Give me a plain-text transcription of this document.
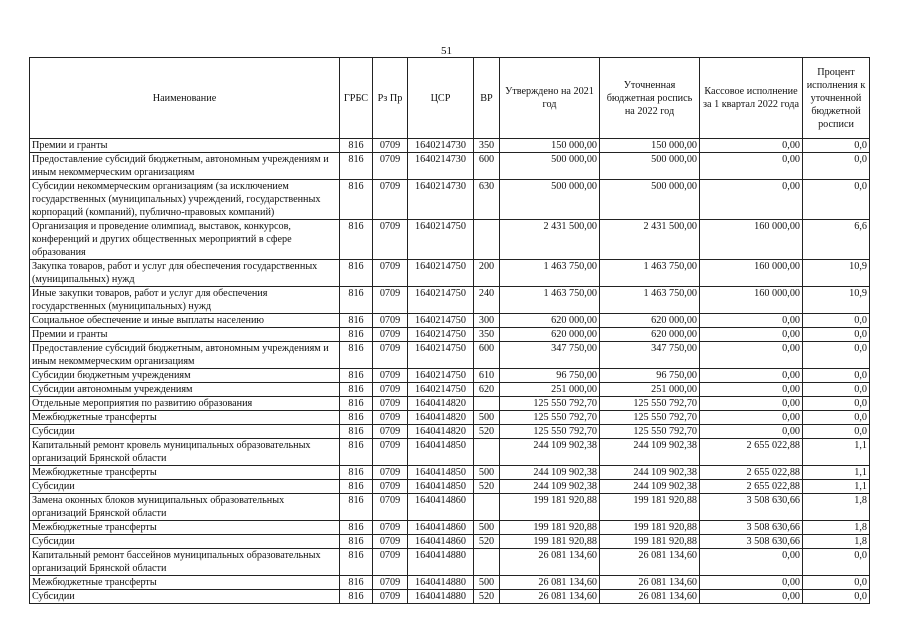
51
Наименование	ГРБС	Рз Пр	ЦСР	ВР	Утверждено на 2021 год	Уточненная бюджетная роспись на 2022 год	Кассовое исполнение за 1 квартал 2022 года	Процент исполнения к уточненной бюджетной росписи
Премии и гранты	816	0709	1640214730	350	150 000,00	150 000,00	0,00	0,0
Предоставление субсидий бюджетным, автономным учреждениям и иным некоммерческим организациям	816	0709	1640214730	600	500 000,00	500 000,00	0,00	0,0
Субсидии некоммерческим организациям (за исключением государственных (муниципальных) учреждений, государственных корпораций (компаний), публично-правовых компаний)	816	0709	1640214730	630	500 000,00	500 000,00	0,00	0,0
Организация и проведение олимпиад, выставок, конкурсов, конференций и других общественных мероприятий в сфере образования	816	0709	1640214750		2 431 500,00	2 431 500,00	160 000,00	6,6
Закупка товаров, работ и услуг для обеспечения государственных (муниципальных) нужд	816	0709	1640214750	200	1 463 750,00	1 463 750,00	160 000,00	10,9
Иные закупки товаров, работ и услуг для обеспечения государственных (муниципальных) нужд	816	0709	1640214750	240	1 463 750,00	1 463 750,00	160 000,00	10,9
Социальное обеспечение и иные выплаты населению	816	0709	1640214750	300	620 000,00	620 000,00	0,00	0,0
Премии и гранты	816	0709	1640214750	350	620 000,00	620 000,00	0,00	0,0
Предоставление субсидий бюджетным, автономным учреждениям и иным некоммерческим организациям	816	0709	1640214750	600	347 750,00	347 750,00	0,00	0,0
Субсидии бюджетным учреждениям	816	0709	1640214750	610	96 750,00	96 750,00	0,00	0,0
Субсидии автономным учреждениям	816	0709	1640214750	620	251 000,00	251 000,00	0,00	0,0
Отдельные мероприятия по развитию образования	816	0709	1640414820		125 550 792,70	125 550 792,70	0,00	0,0
Межбюджетные трансферты	816	0709	1640414820	500	125 550 792,70	125 550 792,70	0,00	0,0
Субсидии	816	0709	1640414820	520	125 550 792,70	125 550 792,70	0,00	0,0
Капитальный ремонт кровель муниципальных образовательных организаций Брянской области	816	0709	1640414850		244 109 902,38	244 109 902,38	2 655 022,88	1,1
Межбюджетные трансферты	816	0709	1640414850	500	244 109 902,38	244 109 902,38	2 655 022,88	1,1
Субсидии	816	0709	1640414850	520	244 109 902,38	244 109 902,38	2 655 022,88	1,1
Замена оконных блоков муниципальных образовательных организаций Брянской области	816	0709	1640414860		199 181 920,88	199 181 920,88	3 508 630,66	1,8
Межбюджетные трансферты	816	0709	1640414860	500	199 181 920,88	199 181 920,88	3 508 630,66	1,8
Субсидии	816	0709	1640414860	520	199 181 920,88	199 181 920,88	3 508 630,66	1,8
Капитальный ремонт бассейнов муниципальных образовательных организаций Брянской области	816	0709	1640414880		26 081 134,60	26 081 134,60	0,00	0,0
Межбюджетные трансферты	816	0709	1640414880	500	26 081 134,60	26 081 134,60	0,00	0,0
Субсидии	816	0709	1640414880	520	26 081 134,60	26 081 134,60	0,00	0,0
